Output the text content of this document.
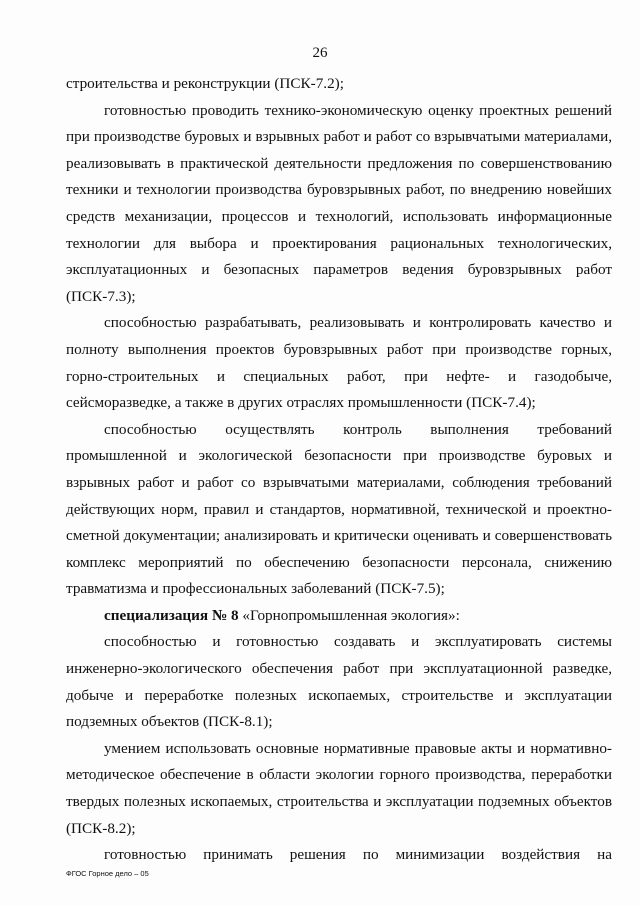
26

строительства и реконструкции (ПСК-7.2);

готовностью проводить технико-экономическую оценку проектных решений при производстве буровых и взрывных работ и работ со взрывчатыми материалами, реализовывать в практической деятельности предложения по совершенствованию техники и технологии производства буровзрывных работ, по внедрению новейших средств механизации, процессов и технологий, использовать информационные технологии для выбора и проектирования рациональных технологических, эксплуатационных и безопасных параметров ведения буровзрывных работ (ПСК-7.3);

способностью разрабатывать, реализовывать и контролировать качество и полноту выполнения проектов буровзрывных работ при производстве горных, горно-строительных и специальных работ, при нефте- и газодобыче, сейсморазведке, а также в других отраслях промышленности (ПСК-7.4);

способностью осуществлять контроль выполнения требований промышленной и экологической безопасности при производстве буровых и взрывных работ и работ со взрывчатыми материалами, соблюдения требований действующих норм, правил и стандартов, нормативной, технической и проектно-сметной документации; анализировать и критически оценивать и совершенствовать комплекс мероприятий по обеспечению безопасности персонала, снижению травматизма и профессиональных заболеваний (ПСК-7.5);

специализация № 8 «Горнопромышленная экология»:

способностью и готовностью создавать и эксплуатировать системы инженерно-экологического обеспечения работ при эксплуатационной разведке, добыче и переработке полезных ископаемых, строительстве и эксплуатации подземных объектов (ПСК-8.1);

умением использовать основные нормативные правовые акты и нормативно-методическое обеспечение в области экологии горного производства, переработки твердых полезных ископаемых, строительства и эксплуатации подземных объектов (ПСК-8.2);

готовностью принимать решения по минимизации воздействия на

ФГОС Горное дело – 05
